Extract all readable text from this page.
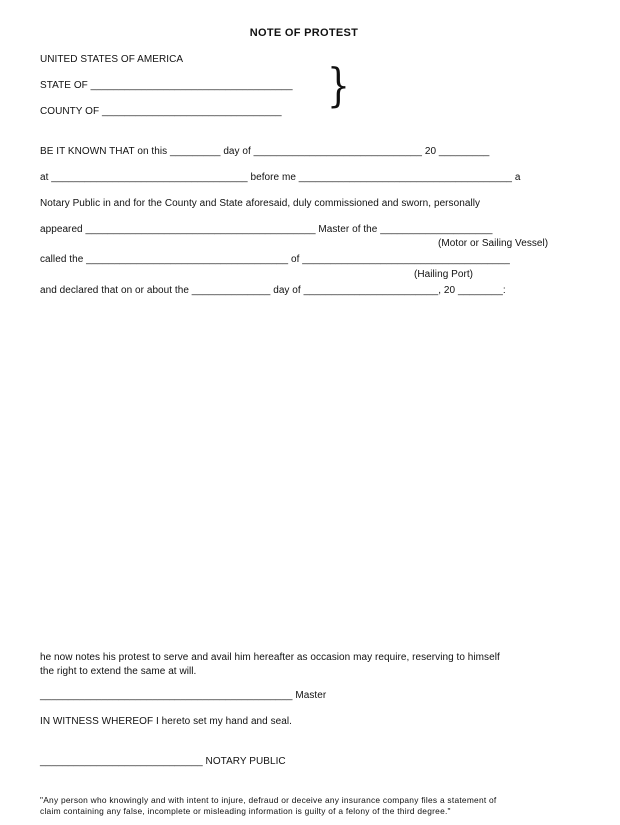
NOTE OF PROTEST
UNITED STATES OF AMERICA
STATE OF ____________________________________
COUNTY OF ________________________________ }
BE IT KNOWN THAT on this _________ day of ______________________________ 20 _________
at ___________________________________ before me ______________________________________ a
Notary Public in and for the County and State aforesaid, duly commissioned and sworn, personally
appeared _________________________________________ Master of the ____________________
(Motor or Sailing Vessel)
called the ____________________________________ of _____________________________________
(Hailing Port)
and declared that on or about the ______________ day of ________________________, 20 ________:
he now notes his protest to serve and avail him hereafter as occasion may require, reserving to himself
the right to extend the same at will.
_____________________________________________ Master
IN WITNESS WHEREOF I hereto set my hand and seal.
_____________________________ NOTARY PUBLIC
"Any person who knowingly and with intent to injure, defraud or deceive any insurance company files a statement of
claim containing any false, incomplete or misleading information is guilty of a felony of the third degree."
